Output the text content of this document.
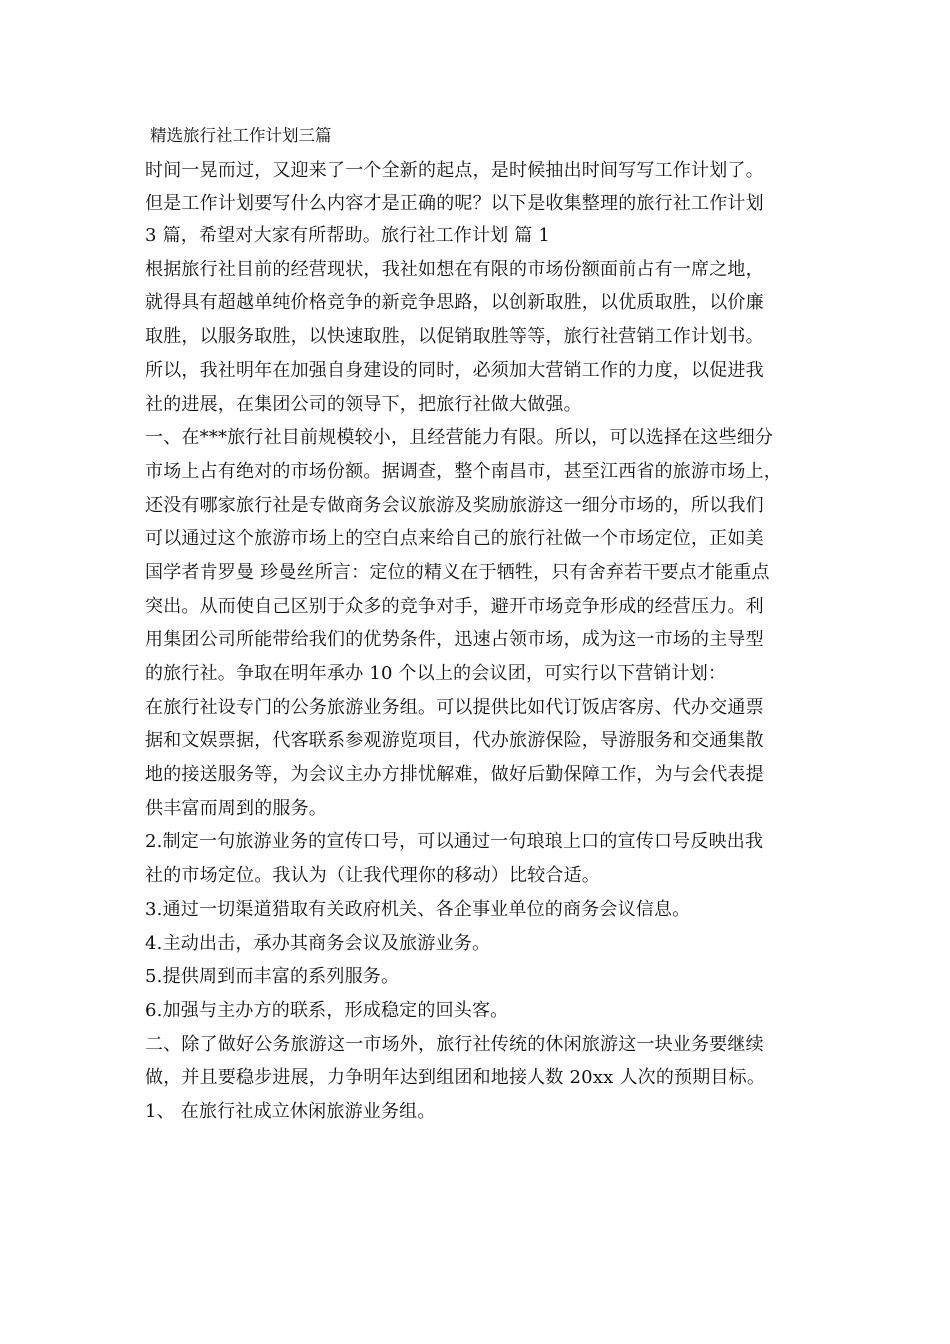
精选旅行社工作计划三篇
时间一晃而过，又迎来了一个全新的起点，是时候抽出时间写写工作计划了。
但是工作计划要写什么内容才是正确的呢？以下是收集整理的旅行社工作计划
3 篇，希望对大家有所帮助。旅行社工作计划 篇 1
根据旅行社目前的经营现状，我社如想在有限的市场份额面前占有一席之地，
就得具有超越单纯价格竞争的新竞争思路，以创新取胜，以优质取胜，以价廉
取胜，以服务取胜，以快速取胜，以促销取胜等等，旅行社营销工作计划书。
所以，我社明年在加强自身建设的同时，必须加大营销工作的力度，以促进我
社的进展，在集团公司的领导下，把旅行社做大做强。
一、在***旅行社目前规模较小，且经营能力有限。所以，可以选择在这些细分
市场上占有绝对的市场份额。据调查，整个南昌市，甚至江西省的旅游市场上，
还没有哪家旅行社是专做商务会议旅游及奖励旅游这一细分市场的，所以我们
可以通过这个旅游市场上的空白点来给自己的旅行社做一个市场定位，正如美
国学者肯罗曼 珍曼丝所言：定位的精义在于牺牲，只有舍弃若干要点才能重点
突出。从而使自己区别于众多的竞争对手，避开市场竞争形成的经营压力。利
用集团公司所能带给我们的优势条件，迅速占领市场，成为这一市场的主导型
的旅行社。争取在明年承办 10 个以上的会议团，可实行以下营销计划：
在旅行社设专门的公务旅游业务组。可以提供比如代订饭店客房、代办交通票
据和文娱票据，代客联系参观游览项目，代办旅游保险，导游服务和交通集散
地的接送服务等，为会议主办方排忧解难，做好后勤保障工作，为与会代表提
供丰富而周到的服务。
2.制定一句旅游业务的宣传口号，可以通过一句琅琅上口的宣传口号反映出我
社的市场定位。我认为（让我代理你的移动）比较合适。
3.通过一切渠道猎取有关政府机关、各企事业单位的商务会议信息。
4.主动出击，承办其商务会议及旅游业务。
5.提供周到而丰富的系列服务。
6.加强与主办方的联系，形成稳定的回头客。
二、除了做好公务旅游这一市场外，旅行社传统的休闲旅游这一块业务要继续
做，并且要稳步进展，力争明年达到组团和地接人数 20xx 人次的预期目标。
1、 在旅行社成立休闲旅游业务组。
